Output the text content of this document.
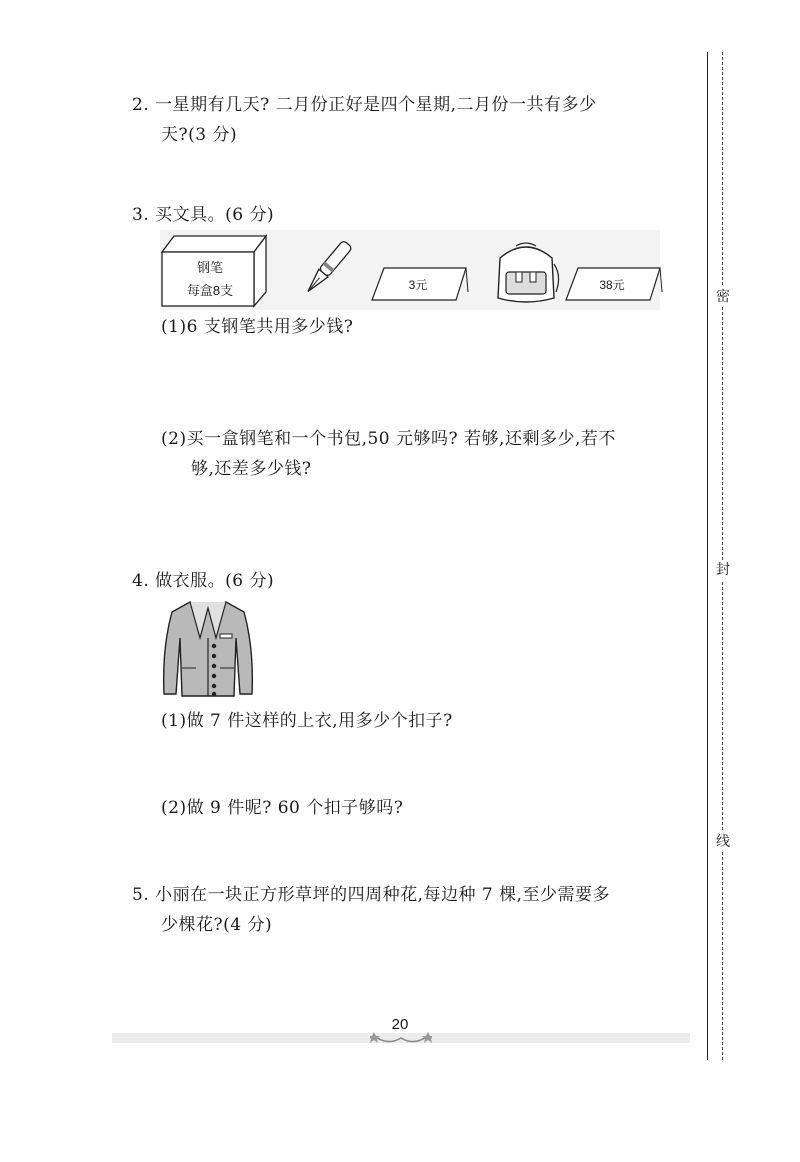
密
封
线
2. 一星期有几天? 二月份正好是四个星期,二月份一共有多少
天?(3 分)
3. 买文具。(6 分)
钢笔
每盒8支	3元	38元
(1)6 支钢笔共用多少钱?
(2)买一盒钢笔和一个书包,50 元够吗? 若够,还剩多少,若不
够,还差多少钱?
4. 做衣服。(6 分)
(1)做 7 件这样的上衣,用多少个扣子?
(2)做 9 件呢? 60 个扣子够吗?
5. 小丽在一块正方形草坪的四周种花,每边种 7 棵,至少需要多
少棵花?(4 分)
20
